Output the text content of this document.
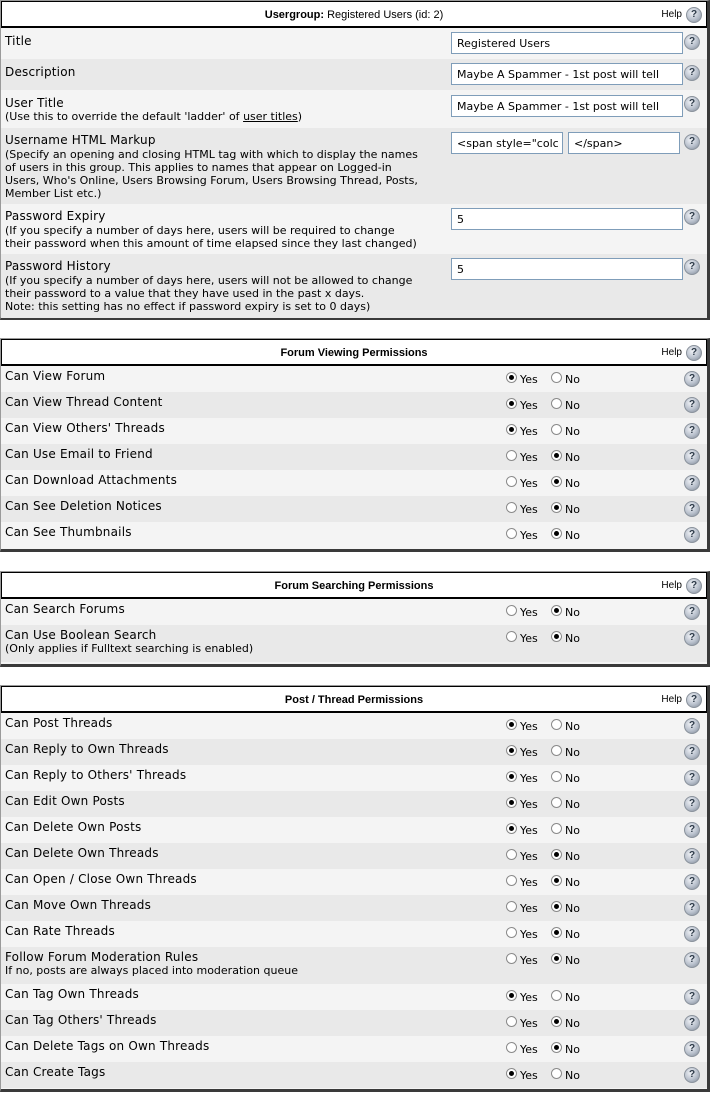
Usergroup: Registered Users (id: 2)	Help ?
Title	Registered Users	?
Description	Maybe A Spammer - 1st post will tell	?
User Title
(Use this to override the default 'ladder' of user titles)
Maybe A Spammer - 1st post will tell	?
Username HTML Markup
(Specify an opening and closing HTML tag with which to display the names
of users in this group. This applies to names that appear on Logged-in
Users, Who's Online, Users Browsing Forum, Users Browsing Thread, Posts,
Member List etc.)
<span style="colc	</span>	?
Password Expiry
(If you specify a number of days here, users will be required to change
their password when this amount of time elapsed since they last changed)
5	?
Password History
(If you specify a number of days here, users will not be allowed to change
their password to a value that they have used in the past x days.
Note: this setting has no effect if password expiry is set to 0 days)
5	?
Forum Viewing Permissions	Help ?
Can View Forum	Yes No	?
Can View Thread Content	Yes No	?
Can View Others' Threads	Yes No	?
Can Use Email to Friend	Yes No	?
Can Download Attachments	Yes No	?
Can See Deletion Notices	Yes No	?
Can See Thumbnails	Yes No	?
Forum Searching Permissions	Help ?
Can Search Forums	Yes No	?
Can Use Boolean Search
(Only applies if Fulltext searching is enabled)
Yes No	?
Post / Thread Permissions	Help ?
Can Post Threads	Yes No	?
Can Reply to Own Threads	Yes No	?
Can Reply to Others' Threads	Yes No	?
Can Edit Own Posts	Yes No	?
Can Delete Own Posts	Yes No	?
Can Delete Own Threads	Yes No	?
Can Open / Close Own Threads	Yes No	?
Can Move Own Threads	Yes No	?
Can Rate Threads	Yes No	?
Follow Forum Moderation Rules
If no, posts are always placed into moderation queue
Yes No	?
Can Tag Own Threads	Yes No	?
Can Tag Others' Threads	Yes No	?
Can Delete Tags on Own Threads	Yes No	?
Can Create Tags	Yes No	?
